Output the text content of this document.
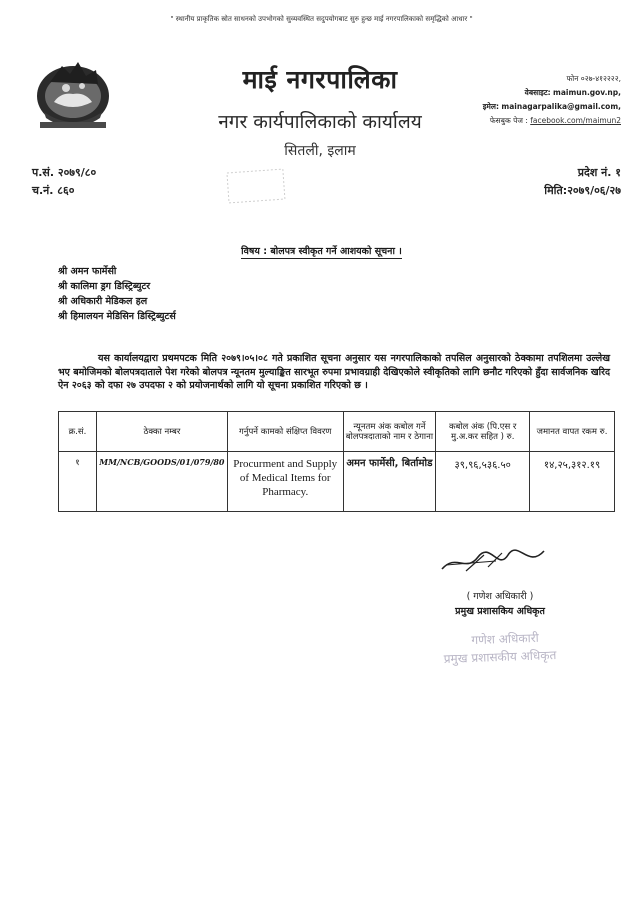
" स्थानीय प्राकृतिक स्रोत साधनको उपभोगको सुव्यवस्थित सदुपयोगबाट सुरु हुन्छ माई नगरपालिकाको समृद्धिको आधार "
माई नगरपालिका
नगर कार्यपालिकाको कार्यालय
सितली, इलाम
फोन ०२७-४१२२२२,
वेबसाइट: maimun.gov.np,
इमेल: mainagarpalika@gmail.com,
फेसबुक पेज : facebook.com/maimun2
प.सं. २०७९/८०
च.नं. ८६०
प्रदेश नं. १
मिति:२०७९/०६/२७
विषय : बोलपत्र स्वीकृत गर्ने आशयको सूचना ।
श्री अमन फार्मेसी
श्री कालिमा ड्रग डिस्ट्रिब्युटर
श्री अधिकारी मेडिकल हल
श्री हिमालयन मेडिसिन डिस्ट्रिब्युटर्स
यस कार्यालयद्वारा प्रथमपटक मिति २०७९।०५।०८ गते प्रकाशित सूचना अनुसार यस नगरपालिकाको तपसिल अनुसारको ठेक्कामा तपशिलमा उल्लेख भए बमोजिमको बोलपत्रदाताले पेश गरेको बोलपत्र न्यूनतम मुल्याङ्कित सारभूत रुपमा प्रभावग्राही देखिएकोले स्वीकृतिको लागि छनौट गरिएको हुँदा सार्वजनिक खरिद ऐन २०६३ को दफा २७ उपदफा २ को प्रयोजनार्थको लागि यो सूचना प्रकाशित गरिएको छ ।
क्र.सं.	ठेक्का नम्बर	गर्नुपर्ने कामको संक्षिप्त विवरण	न्यूनतम अंक कबोल गर्ने बोलपत्रदाताको नाम र ठेगाना	कबोल अंक (पि.एस र मु.अ.कर सहित ) रु.	जमानत वापत रकम रु.
१	MM/NCB/GOODS/01/079/80	Procurment and Supply of Medical Items for Pharmacy.	अमन फार्मेसी, बिर्तामोड	३९,९६,५३६.५०	१४,२५,३१२.१९
( गणेश अधिकारी )
प्रमुख प्रशासकिय अधिकृत
गणेश अधिकारी
प्रमुख प्रशासकीय अधिकृत
